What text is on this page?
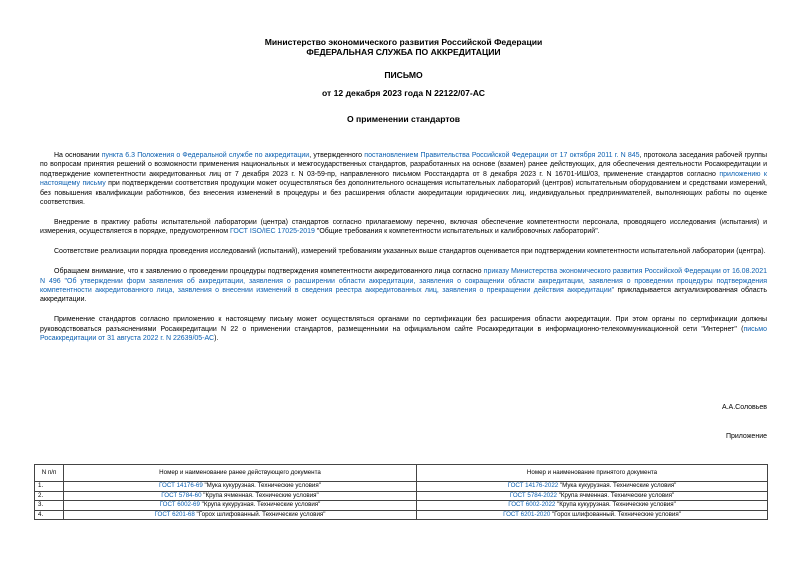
Министерство экономического развития Российской Федерации
ФЕДЕРАЛЬНАЯ СЛУЖБА ПО АККРЕДИТАЦИИ
ПИСЬМО
от 12 декабря 2023 года N 22122/07-АС
О применении стандартов

На основании пункта 6.3 Положения о Федеральной службе по аккредитации, утвержденного постановлением Правительства Российской Федерации от 17 октября 2011 г. N 845, протокола заседания рабочей группы по вопросам принятия решений о возможности применения национальных и межгосударственных стандартов, разработанных на основе (взамен) ранее действующих, для обеспечения деятельности Росаккредитации и подтверждение компетентности аккредитованных лиц от 7 декабря 2023 г. N 03-59-пр, направленного письмом Росстандарта от 8 декабря 2023 г. N 16701-ИШ/03, применение стандартов согласно приложению к настоящему письму при подтверждении соответствия продукции может осуществляться без дополнительного оснащения испытательных лабораторий (центров) испытательным оборудованием и средствами измерений, без повышения квалификации работников, без внесения изменений в процедуры и без расширения области аккредитации юридических лиц, индивидуальных предпринимателей, выполняющих работы по оценке соответствия.

Внедрение в практику работы испытательной лаборатории (центра) стандартов согласно прилагаемому перечню, включая обеспечение компетентности персонала, проводящего исследования (испытания) и измерения, осуществляется в порядке, предусмотренном ГОСТ ISO/IEC 17025-2019 "Общие требования к компетентности испытательных и калибровочных лабораторий".

Соответствие реализации порядка проведения исследований (испытаний), измерений требованиям указанных выше стандартов оценивается при подтверждении компетентности испытательной лаборатории (центра).

Обращаем внимание, что к заявлению о проведении процедуры подтверждения компетентности аккредитованного лица согласно приказу Министерства экономического развития Российской Федерации от 16.08.2021 N 496 "Об утверждении форм заявления об аккредитации, заявления о расширении области аккредитации, заявления о сокращении области аккредитации, заявления о проведении процедуры подтверждения компетентности аккредитованного лица, заявления о внесении изменений в сведения реестра аккредитованных лиц, заявления о прекращении действия аккредитации" прикладывается актуализированная область аккредитации.

Применение стандартов согласно приложению к настоящему письму может осуществляться органами по сертификации без расширения области аккредитации. При этом органы по сертификации должны руководствоваться разъяснениями Росаккредитации N 22 о применении стандартов, размещенными на официальном сайте Росаккредитации в информационно-телекоммуникационной сети "Интернет" (письмо Росаккредитации от 31 августа 2022 г. N 22639/05-АС).

А.А.Соловьев
Приложение
N п/п	Номер и наименование ранее действующего документа	Номер и наименование принятого документа
1.	ГОСТ 14176-69 "Мука кукурузная. Технические условия"	ГОСТ 14176-2022 "Мука кукурузная. Технические условия"
2.	ГОСТ 5784-60 "Крупа ячменная. Технические условия"	ГОСТ 5784-2022 "Крупа ячменная. Технические условия"
3.	ГОСТ 6002-69 "Крупа кукурузная. Технические условия"	ГОСТ 6002-2022 "Крупа кукурузная. Технические условия"
4.	ГОСТ 6201-68 "Горох шлифованный. Технические условия"	ГОСТ 6201-2020 "Горох шлифованный. Технические условия"
